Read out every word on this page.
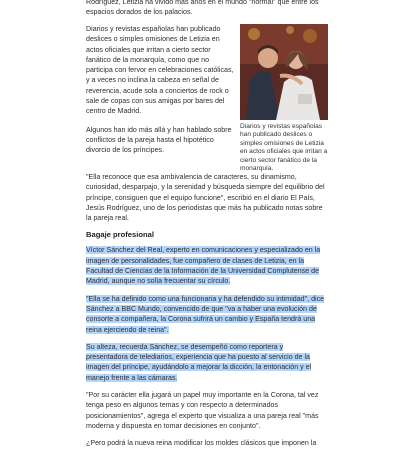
Rodríguez, Letizia ha vivido más años en el mundo "normal" que entre los espacios dorados de los palacios.

Diarios y revistas españolas han publicado deslices o simples omisiones de Letizia en actos oficiales que irritan a cierto sector fanático de la monarquía, como que no participa con fervor en celebraciones católicas, y a veces no inclina la cabeza en señal de reverencia, acude sola a conciertos de rock o sale de copas con sus amigas por bares del centro de Madrid.

Algunos han ido más allá y han hablado sobre conflictos de la pareja hasta el hipotético divorcio de los príncipes.

Diarios y revistas españolas han publicado deslices o simples omisiones de Letizia en actos oficiales que irritan a cierto sector fanático de la monarquía.

"Ella reconoce que esa ambivalencia de caracteres, su dinamismo, curiosidad, desparpajo, y la serenidad y búsqueda siempre del equilibrio del príncipe, consiguen que el equipo funcione", escribió en el diario El País, Jesús Rodríguez, uno de los periodistas que más ha publicado notas sobre la pareja real.

Bagaje profesional

Víctor Sánchez del Real, experto en comunicaciones y especializado en la imagen de personalidades, fue compañero de clases de Letizia, en la Facultad de Ciencias de la Información de la Universidad Complutense de Madrid, aunque no solía frecuentar su círculo.

"Ella se ha definido como una funcionaria y ha defendido su intimidad", dice Sánchez a BBC Mundo, convencido de que "va a haber una evolución de consorte a compañera, la Corona sufrirá un cambio y España tendrá una reina ejerciendo de reina".

Su alteza, recuerda Sánchez, se desempeñó como reportera y presentadora de telediarios, experiencia que ha puesto al servicio de la imagen del príncipe, ayudándolo a mejorar la dicción, la entonación y el manejo frente a las cámaras.

"Por su carácter ella jugará un papel muy importante en la Corona, tal vez tenga peso en algunos temas y con respecto a determinados posicionamientos", agrega el experto que visualiza a una pareja real "más moderna y dispuesta en tomar decisiones en conjunto".

¿Pero podrá la nueva reina modificar los moldes clásicos que imponen la
